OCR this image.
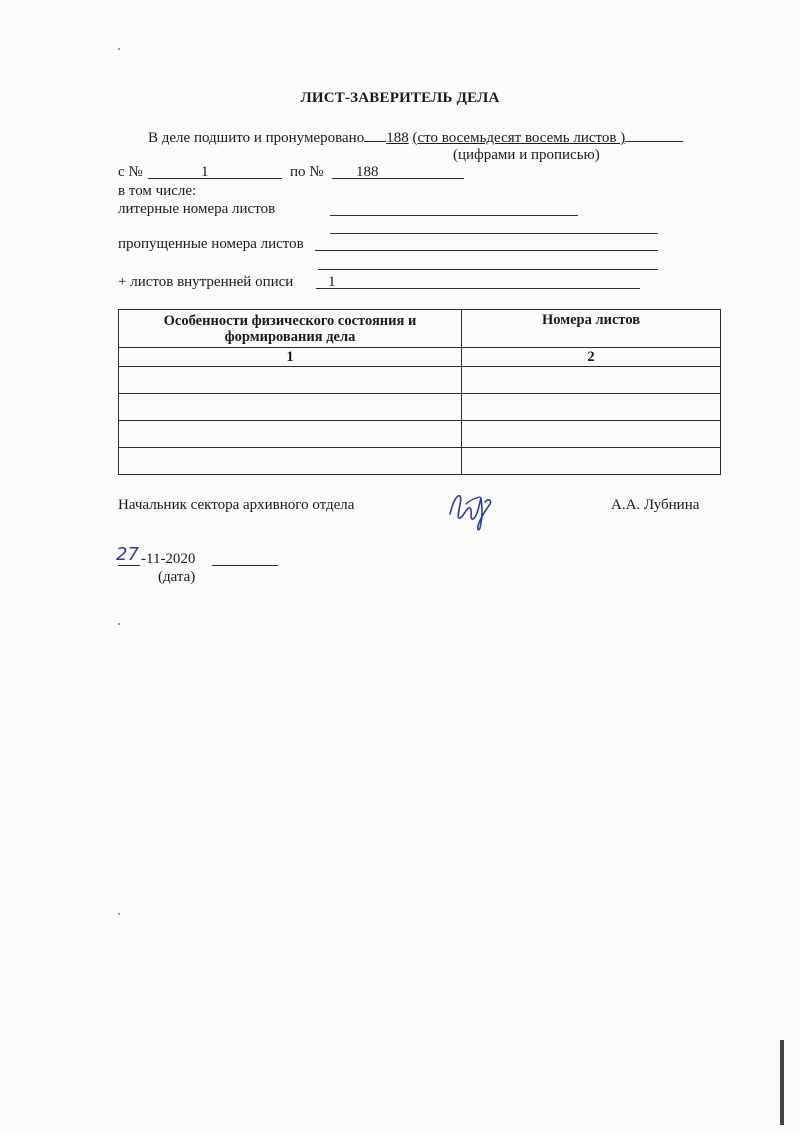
ЛИСТ-ЗАВЕРИТЕЛЬ ДЕЛА
В деле подшито и пронумеровано 188 (сто восемьдесят восемь листов )
(цифрами и прописью)
с №	1	по № 188
в том числе:
литерные номера листов
пропущенные номера листов
+ листов внутренней описи 1
Особенности физического состояния и формирования дела	Номера листов
1	2

Начальник сектора архивного отдела	А.А. Лубнина
27 -11-2020
(дата)
